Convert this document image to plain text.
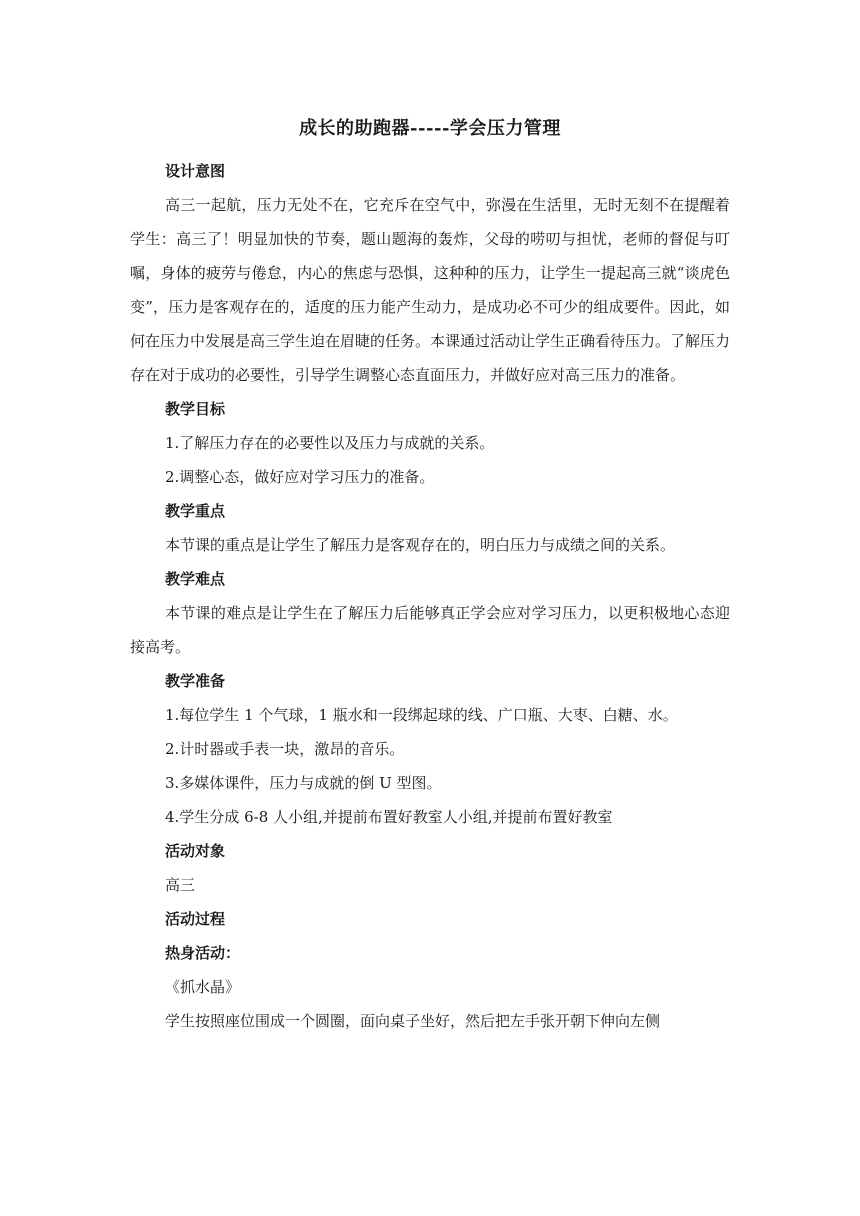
成长的助跑器-----学会压力管理

设计意图

高三一起航，压力无处不在，它充斥在空气中，弥漫在生活里，无时无刻不在提醒着学生：高三了！明显加快的节奏，题山题海的轰炸，父母的唠叨与担忧，老师的督促与叮嘱，身体的疲劳与倦怠，内心的焦虑与恐惧，这种种的压力，让学生一提起高三就“谈虎色变”，压力是客观存在的，适度的压力能产生动力，是成功必不可少的组成要件。因此，如何在压力中发展是高三学生迫在眉睫的任务。本课通过活动让学生正确看待压力。了解压力存在对于成功的必要性，引导学生调整心态直面压力，并做好应对高三压力的准备。

教学目标

1.了解压力存在的必要性以及压力与成就的关系。

2.调整心态，做好应对学习压力的准备。

教学重点

本节课的重点是让学生了解压力是客观存在的，明白压力与成绩之间的关系。

教学难点

本节课的难点是让学生在了解压力后能够真正学会应对学习压力，以更积极地心态迎接高考。

教学准备

1.每位学生 1 个气球，1 瓶水和一段绑起球的线、广口瓶、大枣、白糖、水。

2.计时器或手表一块，激昂的音乐。

3.多媒体课件，压力与成就的倒 U 型图。

4.学生分成 6-8 人小组,并提前布置好教室人小组,并提前布置好教室

活动对象

高三

活动过程

热身活动：

《抓水晶》

学生按照座位围成一个圆圈，面向桌子坐好，然后把左手张开朝下伸向左侧
